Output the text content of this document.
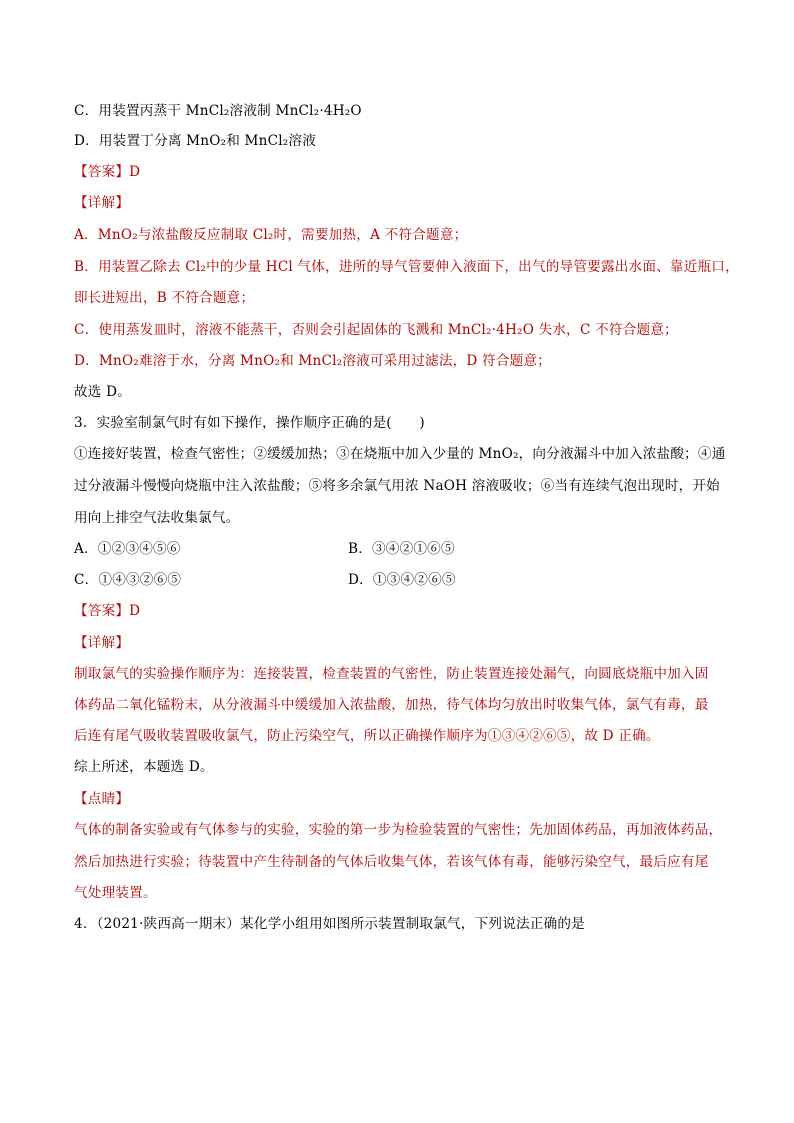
C．用装置丙蒸干 MnCl₂溶液制 MnCl₂·4H₂O
D．用装置丁分离 MnO₂和 MnCl₂溶液
【答案】D
【详解】
A．MnO₂与浓盐酸反应制取 Cl₂时，需要加热，A 不符合题意；
B．用装置乙除去 Cl₂中的少量 HCl 气体，进所的导气管要伸入液面下，出气的导管要露出水面、靠近瓶口，
即长进短出，B 不符合题意；
C．使用蒸发皿时，溶液不能蒸干，否则会引起固体的飞溅和 MnCl₂·4H₂O 失水，C 不符合题意；
D．MnO₂难溶于水，分离 MnO₂和 MnCl₂溶液可采用过滤法，D 符合题意；
故选 D。
3．实验室制氯气时有如下操作，操作顺序正确的是(　　)
①连接好装置，检查气密性；②缓缓加热；③在烧瓶中加入少量的 MnO₂，向分液漏斗中加入浓盐酸；④通
过分液漏斗慢慢向烧瓶中注入浓盐酸；⑤将多余氯气用浓 NaOH 溶液吸收；⑥当有连续气泡出现时，开始
用向上排空气法收集氯气。
A．①②③④⑤⑥	B．③④②①⑥⑤
C．①④③②⑥⑤	D．①③④②⑥⑤
【答案】D
【详解】
制取氯气的实验操作顺序为：连接装置，检查装置的气密性，防止装置连接处漏气，向圆底烧瓶中加入固
体药品二氧化锰粉末，从分液漏斗中缓缓加入浓盐酸，加热，待气体均匀放出时收集气体，氯气有毒，最
后连有尾气吸收装置吸收氯气，防止污染空气，所以正确操作顺序为①③④②⑥⑤，故 D 正确。
综上所述，本题选 D。
【点睛】
气体的制备实验或有气体参与的实验，实验的第一步为检验装置的气密性；先加固体药品，再加液体药品，
然后加热进行实验；待装置中产生待制备的气体后收集气体，若该气体有毒，能够污染空气，最后应有尾
气处理装置。
4．（2021·陕西高一期末）某化学小组用如图所示装置制取氯气，下列说法正确的是
